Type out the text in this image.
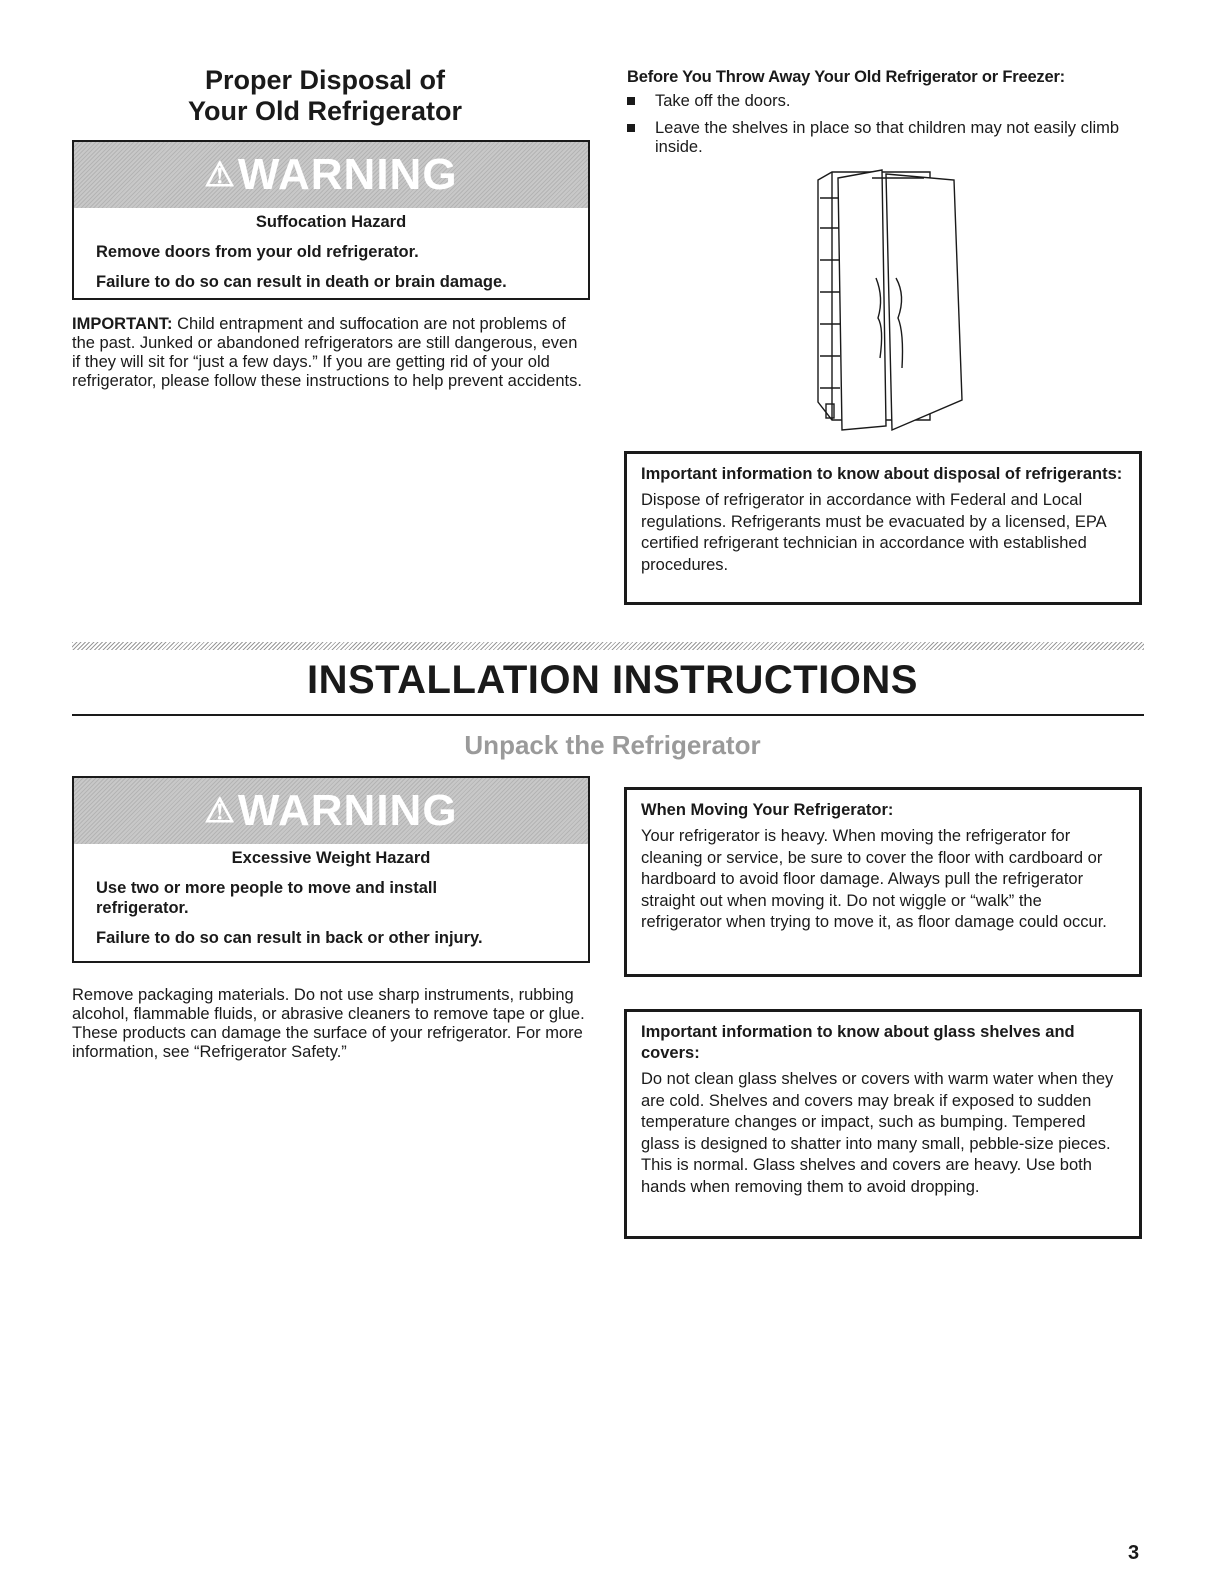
Proper Disposal of
Your Old Refrigerator
⚠WARNING

Suffocation Hazard

Remove doors from your old refrigerator.

Failure to do so can result in death or brain damage.

IMPORTANT: Child entrapment and suffocation are not problems of the past. Junked or abandoned refrigerators are still dangerous, even if they will sit for “just a few days.” If you are getting rid of your old refrigerator, please follow these instructions to help prevent accidents.

Before You Throw Away Your Old Refrigerator or Freezer:

Take off the doors.
Leave the shelves in place so that children may not easily climb inside.

Important information to know about disposal of refrigerants:

Dispose of refrigerator in accordance with Federal and Local regulations. Refrigerants must be evacuated by a licensed, EPA certified refrigerant technician in accordance with established procedures.

INSTALLATION INSTRUCTIONS
Unpack the Refrigerator
⚠WARNING

Excessive Weight Hazard

Use two or more people to move and install refrigerator.

Failure to do so can result in back or other injury.

Remove packaging materials. Do not use sharp instruments, rubbing alcohol, flammable fluids, or abrasive cleaners to remove tape or glue. These products can damage the surface of your refrigerator. For more information, see “Refrigerator Safety.”

When Moving Your Refrigerator:

Your refrigerator is heavy. When moving the refrigerator for cleaning or service, be sure to cover the floor with cardboard or hardboard to avoid floor damage. Always pull the refrigerator straight out when moving it. Do not wiggle or “walk” the refrigerator when trying to move it, as floor damage could occur.

Important information to know about glass shelves and covers:

Do not clean glass shelves or covers with warm water when they are cold. Shelves and covers may break if exposed to sudden temperature changes or impact, such as bumping. Tempered glass is designed to shatter into many small, pebble-size pieces. This is normal. Glass shelves and covers are heavy. Use both hands when removing them to avoid dropping.

3
